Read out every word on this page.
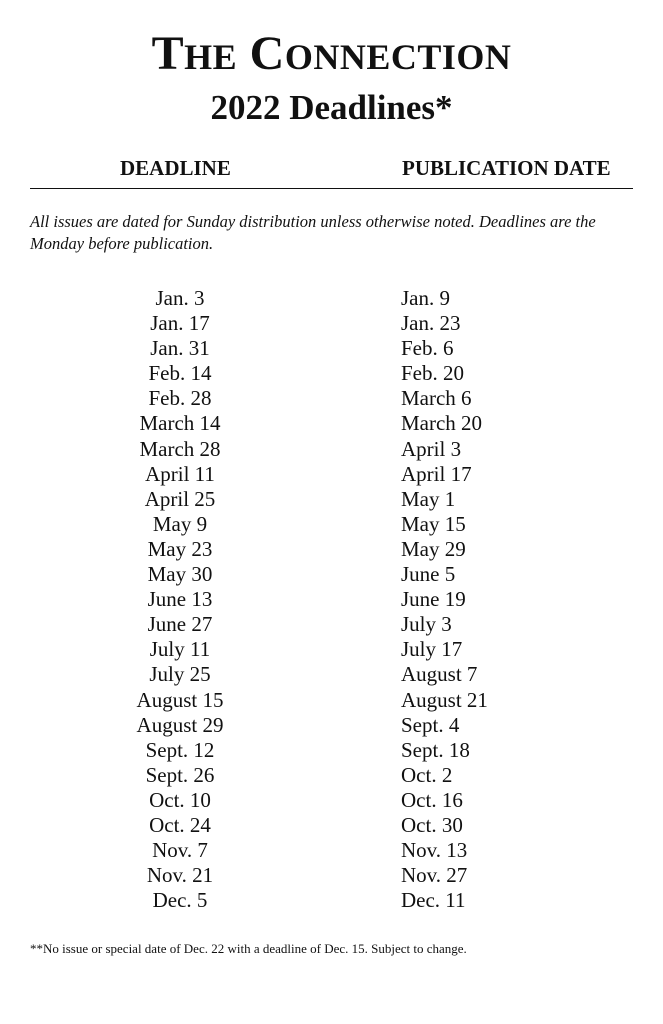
THE CONNECTION
2022 Deadlines*
DEADLINE	PUBLICATION DATE
All issues are dated for Sunday distribution unless otherwise noted. Deadlines are the Monday before publication.
Jan. 3	Jan. 9
Jan. 17	Jan. 23
Jan. 31	Feb. 6
Feb. 14	Feb. 20
Feb. 28	March 6
March 14	March 20
March 28	April 3
April 11	April 17
April 25	May 1
May 9	May 15
May 23	May 29
May 30	June 5
June 13	June 19
June 27	July 3
July 11	July 17
July 25	August 7
August 15	August 21
August 29	Sept. 4
Sept. 12	Sept. 18
Sept. 26	Oct. 2
Oct. 10	Oct. 16
Oct. 24	Oct. 30
Nov. 7	Nov. 13
Nov. 21	Nov. 27
Dec. 5	Dec. 11
**No issue or special date of Dec. 22 with a deadline of Dec. 15. Subject to change.
